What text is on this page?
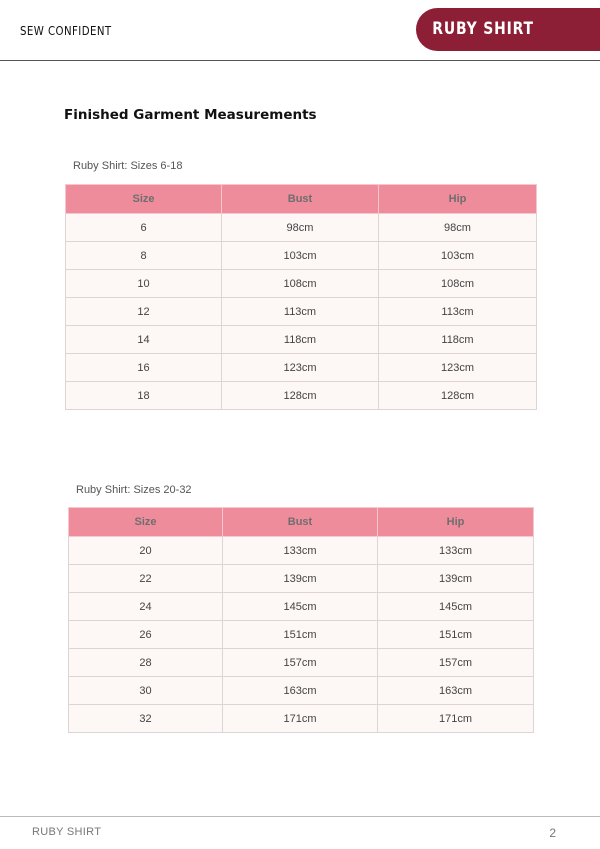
SEW CONFIDENT	RUBY SHIRT
Finished Garment Measurements
Ruby Shirt: Sizes 6-18
Size	Bust	Hip
6	98cm	98cm
8	103cm	103cm
10	108cm	108cm
12	113cm	113cm
14	118cm	118cm
16	123cm	123cm
18	128cm	128cm
Ruby Shirt: Sizes 20-32
Size	Bust	Hip
20	133cm	133cm
22	139cm	139cm
24	145cm	145cm
26	151cm	151cm
28	157cm	157cm
30	163cm	163cm
32	171cm	171cm
RUBY SHIRT	2
